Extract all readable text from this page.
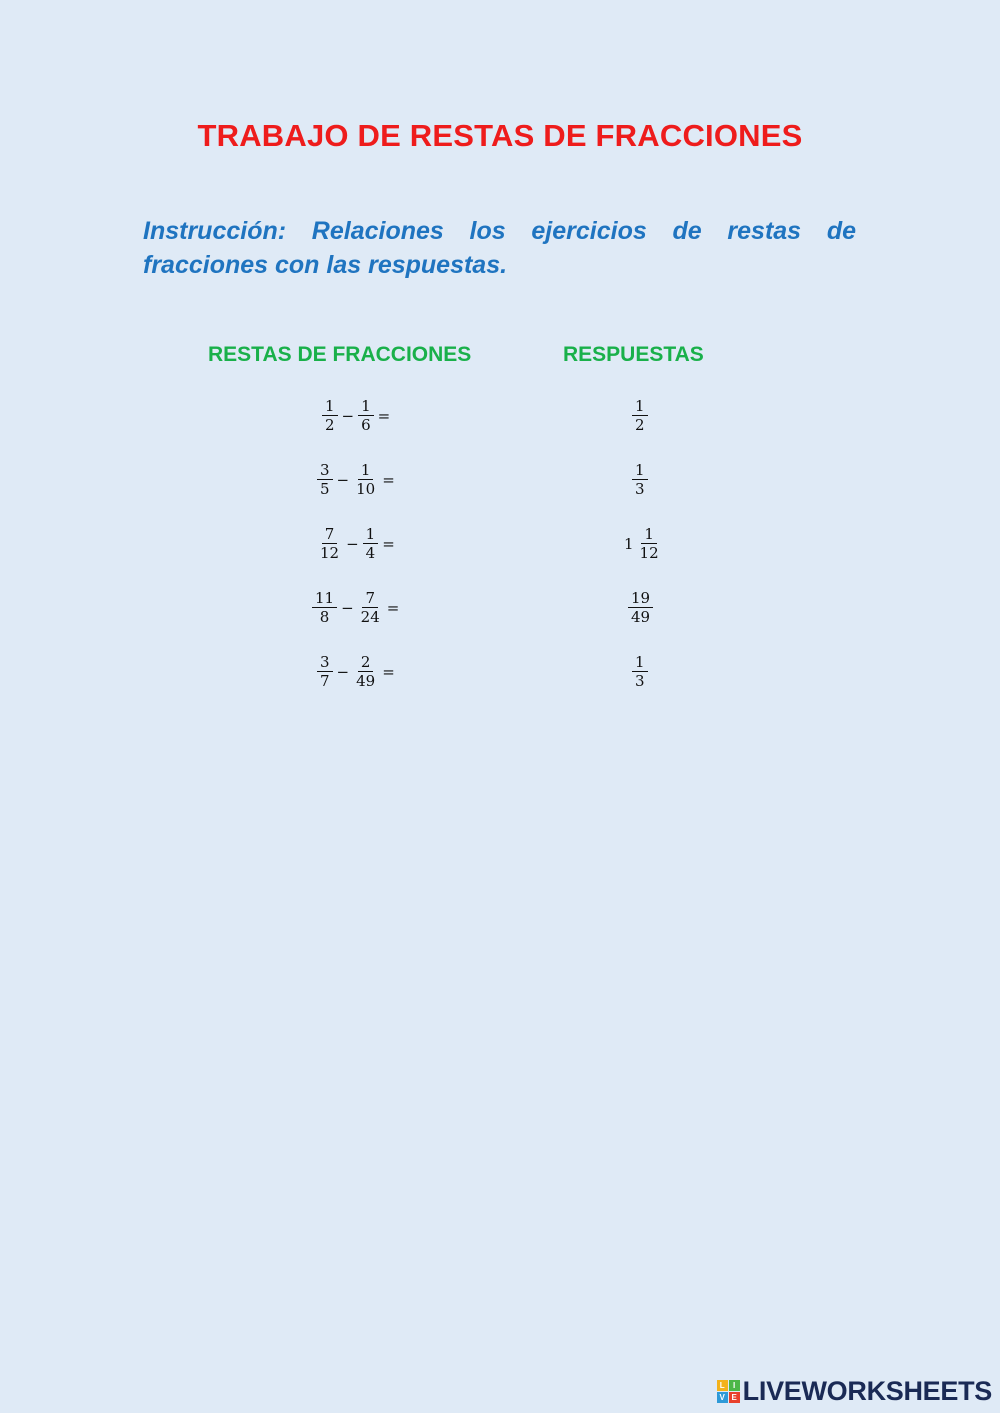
TRABAJO DE RESTAS DE FRACCIONES
Instrucción: Relaciones los ejercicios de restas de fracciones con las respuestas.
RESTAS DE FRACCIONES	RESPUESTAS
$\frac{1}{2} - \frac{1}{6}$ =
$\frac{3}{5} - \frac{1}{10}$ =
$\frac{7}{12} - \frac{1}{4}$ =
$\frac{11}{8} - \frac{7}{24}$ =
$\frac{3}{7} - \frac{2}{49}$ =
$\frac{1}{2}$
$\frac{1}{3}$
$1 \frac{1}{12}$
$\frac{19}{49}$
$\frac{1}{3}$
L	I
V E LIVEWORKSHEETS
